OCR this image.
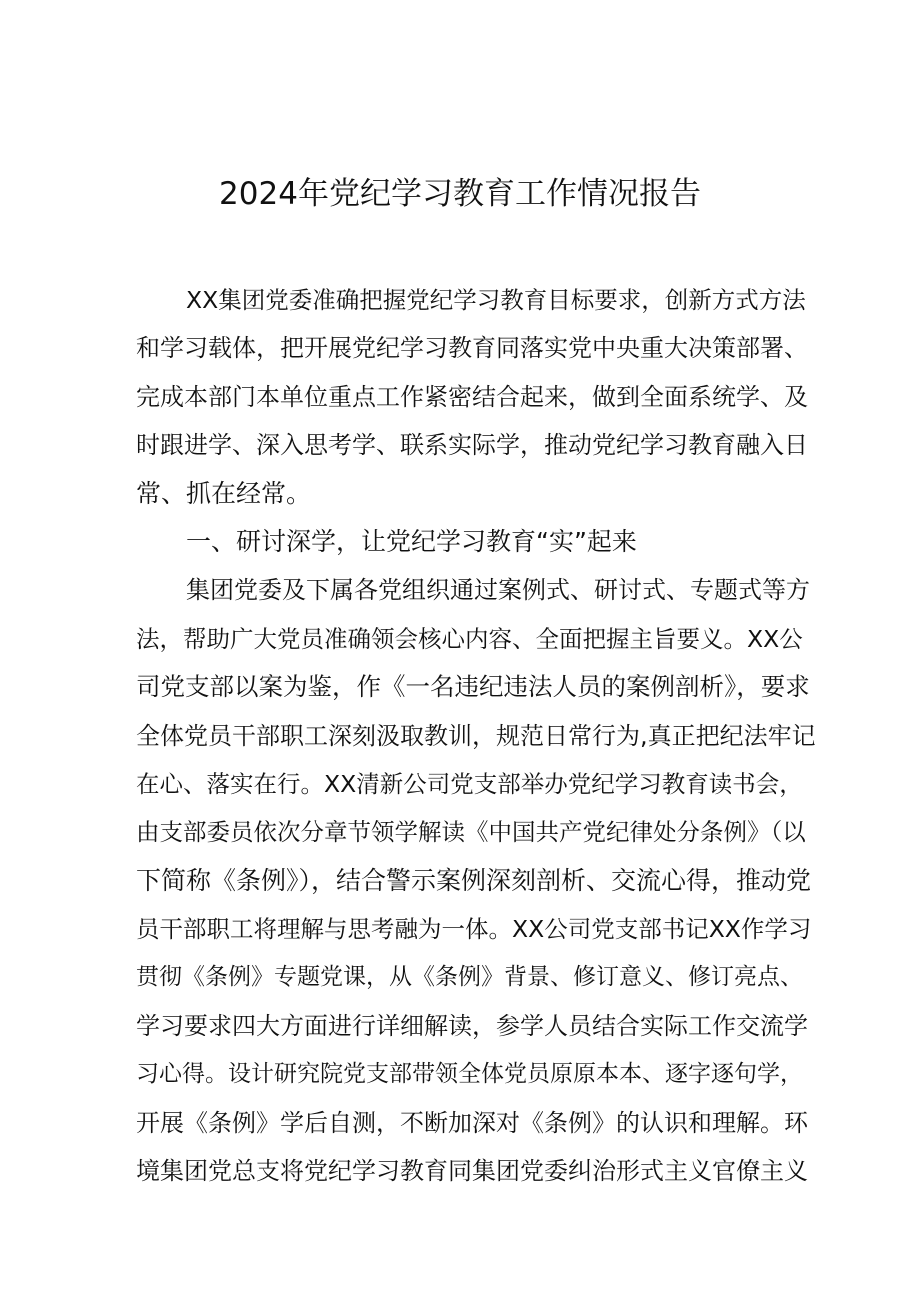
2024年党纪学习教育工作情况报告
XX集团党委准确把握党纪学习教育目标要求，创新方式方法
和学习载体，把开展党纪学习教育同落实党中央重大决策部署、
完成本部门本单位重点工作紧密结合起来，做到全面系统学、及
时跟进学、深入思考学、联系实际学，推动党纪学习教育融入日
常、抓在经常。
一、研讨深学，让党纪学习教育“实”起来
集团党委及下属各党组织通过案例式、研讨式、专题式等方
法，帮助广大党员准确领会核心内容、全面把握主旨要义。XX公
司党支部以案为鉴，作《一名违纪违法人员的案例剖析》，要求
全体党员干部职工深刻汲取教训，规范日常行为,真正把纪法牢记
在心、落实在行。XX清新公司党支部举办党纪学习教育读书会，
由支部委员依次分章节领学解读《中国共产党纪律处分条例》（以
下简称《条例》），结合警示案例深刻剖析、交流心得，推动党
员干部职工将理解与思考融为一体。XX公司党支部书记XX作学习
贯彻《条例》专题党课，从《条例》背景、修订意义、修订亮点、
学习要求四大方面进行详细解读，参学人员结合实际工作交流学
习心得。设计研究院党支部带领全体党员原原本本、逐字逐句学，
开展《条例》学后自测，不断加深对《条例》的认识和理解。环
境集团党总支将党纪学习教育同集团党委纠治形式主义官僚主义
